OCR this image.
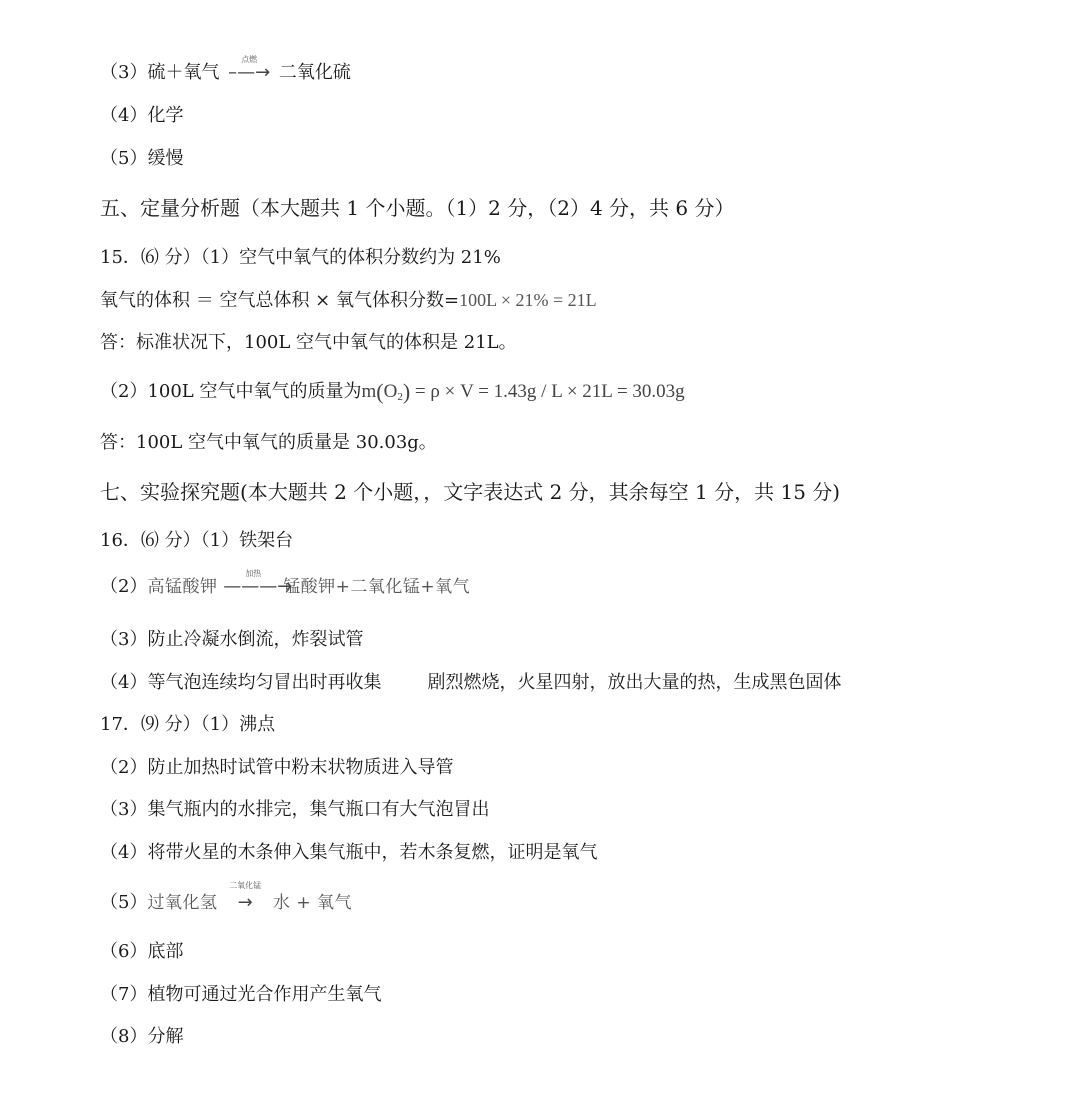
（3）硫＋氧气
点燃
–—→ 二氧化硫
（4）化学
（5）缓慢
五、定量分析题（本大题共 1 个小题。（1）2 分，（2）4 分，共 6 分）
15．⑹ 分）（1）空气中氧气的体积分数约为 21%
氧气的体积 ＝ 空气总体积 × 氧气体积分数=100L × 21% = 21L
答：标准状况下，100L 空气中氧气的体积是 21L。
（2）100L 空气中氧气的质量为$m(O_2) = \rho \times V = 1.43g / L \times 21L = 30.03g$
答：100L 空气中氧气的质量是 30.03g。
七、实验探究题(本大题共 2 个小题，，文字表达式 2 分，其余每空 1 分，共 15 分)
16．⑹ 分）（1）铁架台
（2）高锰酸钾
加热
———→锰酸钾+二氧化锰+氧气
（3）防止冷凝水倒流，炸裂试管
（4）等气泡连续均匀冒出时再收集	剧烈燃烧，火星四射，放出大量的热，生成黑色固体
17．⑼ 分）（1）沸点
（2）防止加热时试管中粉末状物质进入导管
（3）集气瓶内的水排完，集气瓶口有大气泡冒出
（4）将带火星的木条伸入集气瓶中，若木条复燃，证明是氧气
（5）过氧化氢
二氧化锰
→ 水 + 氧气
（6）底部
（7）植物可通过光合作用产生氧气
（8）分解
